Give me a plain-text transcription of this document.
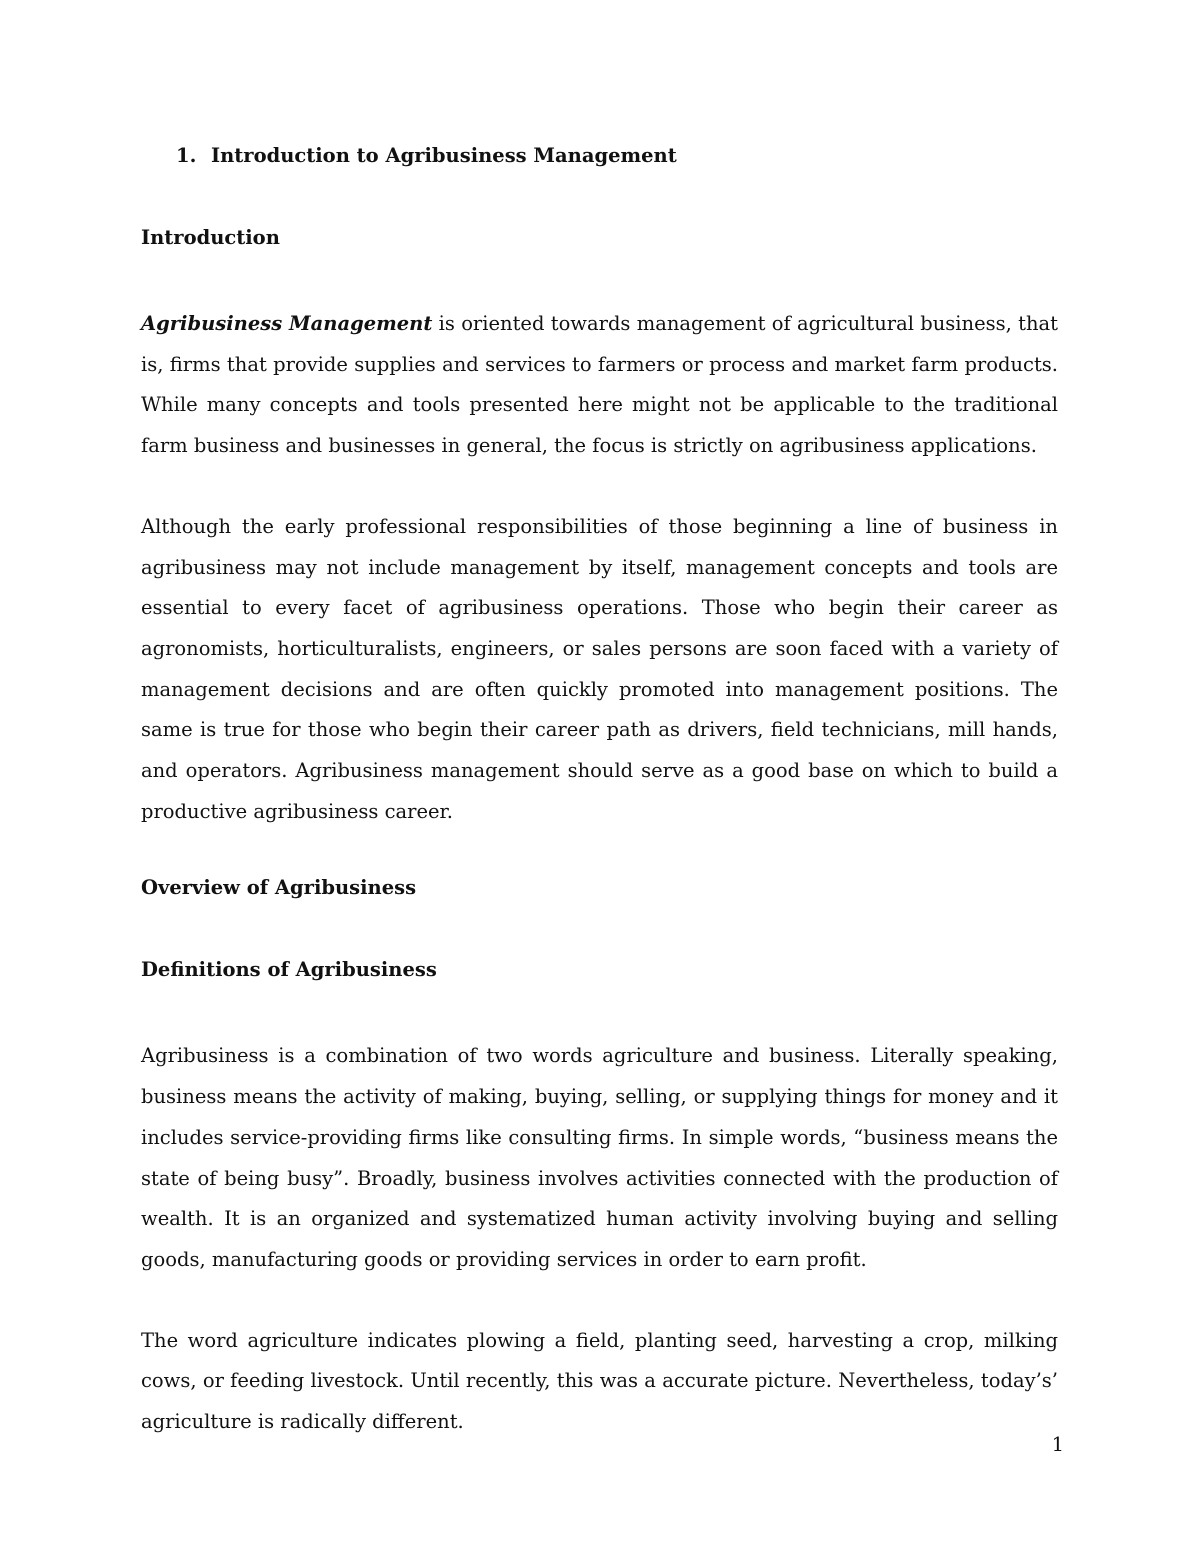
1. Introduction to Agribusiness Management
Introduction

Agribusiness Management is oriented towards management of agricultural business, that is, firms that provide supplies and services to farmers or process and market farm products. While many concepts and tools presented here might not be applicable to the traditional farm business and businesses in general, the focus is strictly on agribusiness applications.

Although the early professional responsibilities of those beginning a line of business in agribusiness may not include management by itself, management concepts and tools are essential to every facet of agribusiness operations. Those who begin their career as agronomists, horticulturalists, engineers, or sales persons are soon faced with a variety of management decisions and are often quickly promoted into management positions. The same is true for those who begin their career path as drivers, field technicians, mill hands, and operators. Agribusiness management should serve as a good base on which to build a productive agribusiness career.

Overview of Agribusiness
Definitions of Agribusiness

Agribusiness is a combination of two words agriculture and business. Literally speaking, business means the activity of making, buying, selling, or supplying things for money and it includes service-providing firms like consulting firms. In simple words, “business means the state of being busy”. Broadly, business involves activities connected with the production of wealth. It is an organized and systematized human activity involving buying and selling goods, manufacturing goods or providing services in order to earn profit.

The word agriculture indicates plowing a field, planting seed, harvesting a crop, milking cows, or feeding livestock. Until recently, this was a accurate picture. Nevertheless, today’s’ agriculture is radically different.

1
